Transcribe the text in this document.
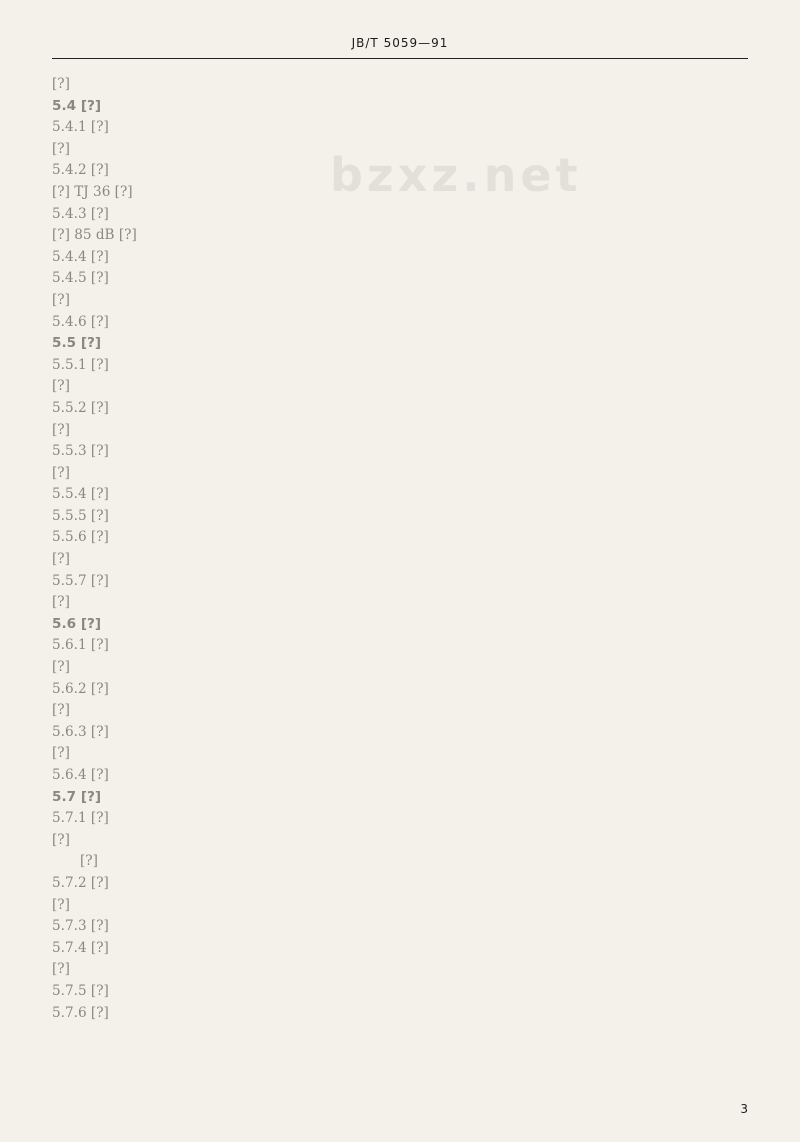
JB/T 5059—91
bzxz.net
[?]
5.4 [?]
5.4.1 [?]
[?]
5.4.2 [?]
[?] TJ 36 [?]
5.4.3 [?]
[?] 85 dB [?]
5.4.4 [?]
5.4.5 [?]
[?]
5.4.6 [?]
5.5 [?]
5.5.1 [?]
[?]
5.5.2 [?]
[?]
5.5.3 [?]
[?]
5.5.4 [?]
5.5.5 [?]
5.5.6 [?]
[?]
5.5.7 [?]
[?]
5.6 [?]
5.6.1 [?]
[?]
5.6.2 [?]
[?]
5.6.3 [?]
[?]
5.6.4 [?]
5.7 [?]
5.7.1 [?]
[?]
[?]
5.7.2 [?]
[?]
5.7.3 [?]
5.7.4 [?]
[?]
5.7.5 [?]
5.7.6 [?]
3
